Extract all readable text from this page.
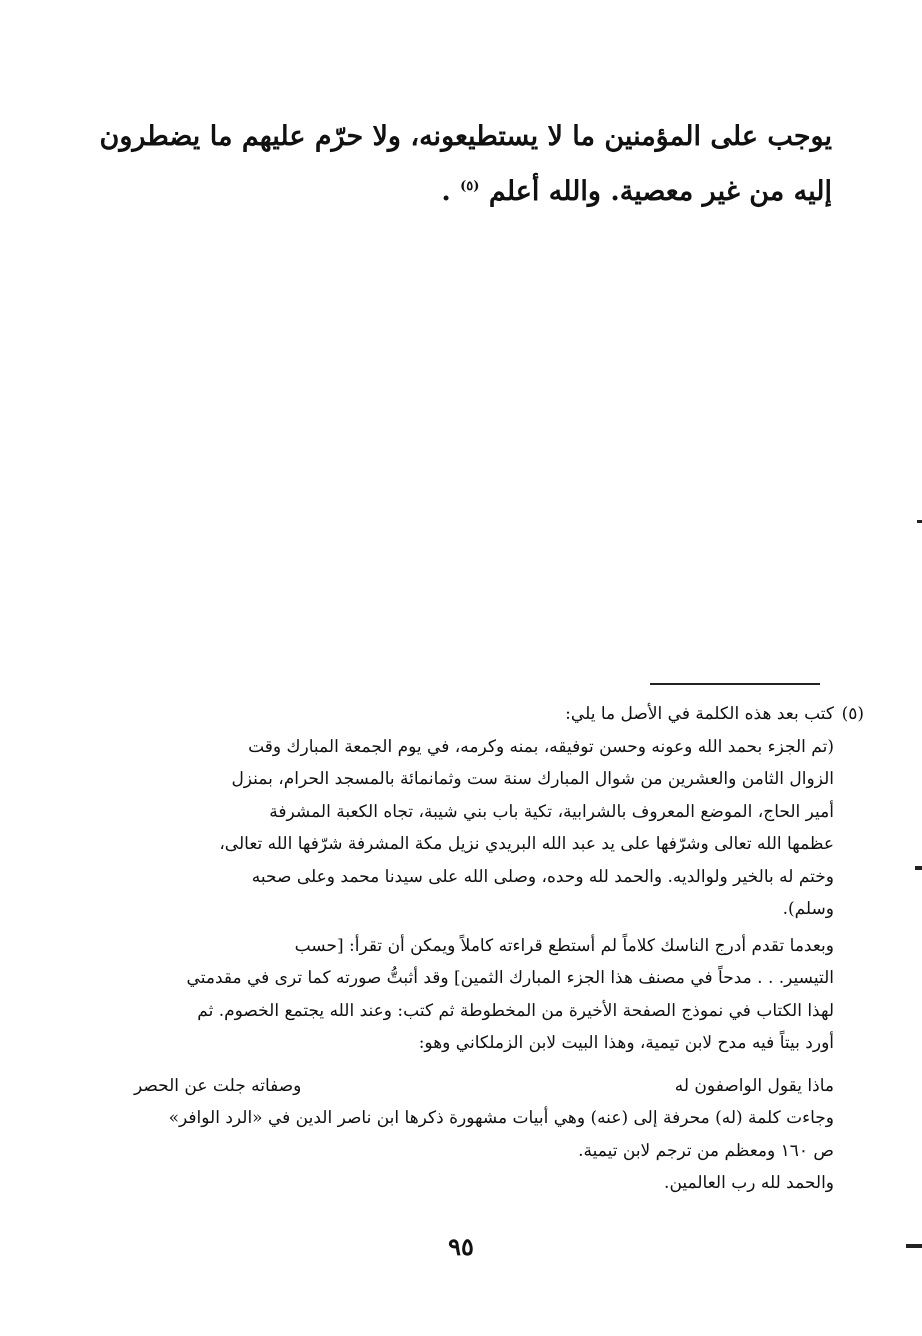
يوجب على المؤمنين ما لا يستطيعونه، ولا حرّم عليهم ما يضطرون

إليه من غير معصية. والله أعلم $^{(٥)}$ .

(٥)

كتب بعد هذه الكلمة في الأصل ما يلي:

(تم الجزء بحمد الله وعونه وحسن توفيقه، بمنه وكرمه، في يوم الجمعة المبارك وقت

الزوال الثامن والعشرين من شوال المبارك سنة ست وثمانمائة بالمسجد الحرام، بمنزل

أمير الحاج، الموضع المعروف بالشرابية، تكية باب بني شيبة، تجاه الكعبة المشرفة

عظمها الله تعالى وشرّفها على يد عبد الله البريدي نزيل مكة المشرفة شرّفها الله تعالى،

وختم له بالخير ولوالديه. والحمد لله وحده، وصلى الله على سيدنا محمد وعلى صحبه

وسلم).

وبعدما تقدم أدرج الناسك كلاماً لم أستطع قراءته كاملاً ويمكن أن تقرأ: [حسب

التيسير. . . مدحاً في مصنف هذا الجزء المبارك الثمين] وقد أثبتُّ صورته كما ترى في مقدمتي

لهذا الكتاب في نموذج الصفحة الأخيرة من المخطوطة ثم كتب: وعند الله يجتمع الخصوم. ثم

أورد بيتاً فيه مدح لابن تيمية، وهذا البيت لابن الزملكاني وهو:

ماذا يقول الواصفون له
وصفاته جلت عن الحصر

وجاءت كلمة (له) محرفة إلى (عنه) وهي أبيات مشهورة ذكرها ابن ناصر الدين في «الرد الوافر»

ص ١٦٠ ومعظم من ترجم لابن تيمية.

والحمد لله رب العالمين.

٩٥
